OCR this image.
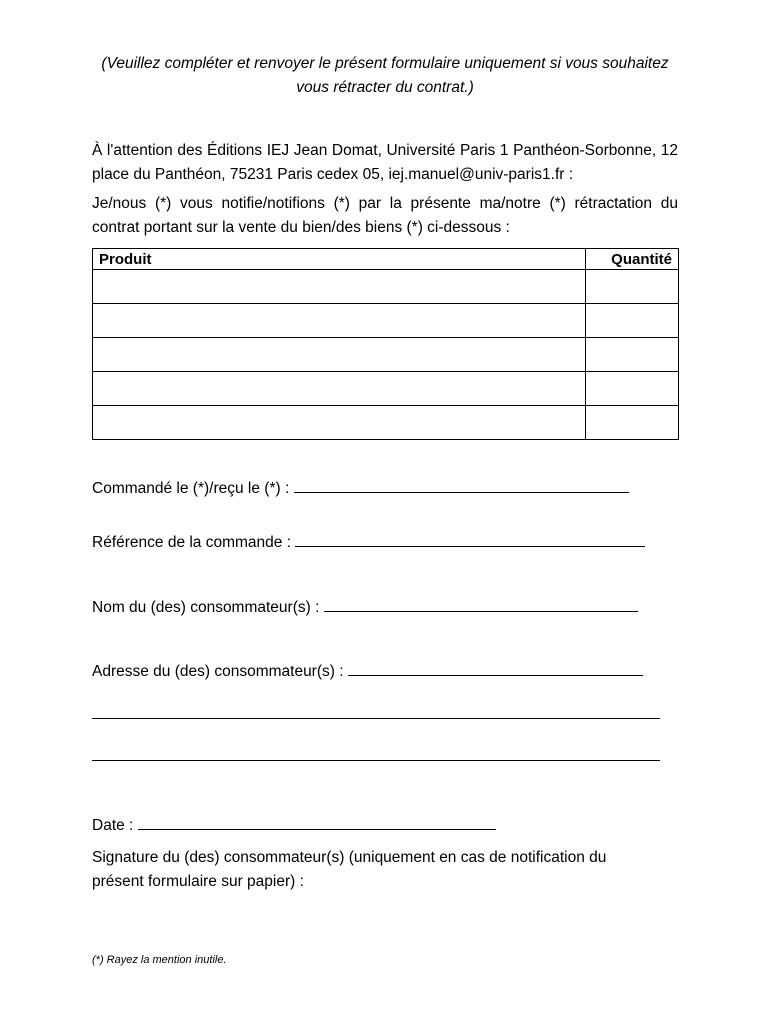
(Veuillez compléter et renvoyer le présent formulaire uniquement si vous souhaitez vous rétracter du contrat.)
À l'attention des Éditions IEJ Jean Domat, Université Paris 1 Panthéon-Sorbonne, 12 place du Panthéon, 75231 Paris cedex 05, iej.manuel@univ-paris1.fr :
Je/nous (*) vous notifie/notifions (*) par la présente ma/notre (*) rétractation du contrat portant sur la vente du bien/des biens (*) ci-dessous :
Produit	Quantité

Commandé le (*)/reçu le (*) :
Référence de la commande :
Nom du (des) consommateur(s) :
Adresse du (des) consommateur(s) :
Date :
Signature du (des) consommateur(s) (uniquement en cas de notification du présent formulaire sur papier) :
(*) Rayez la mention inutile.
